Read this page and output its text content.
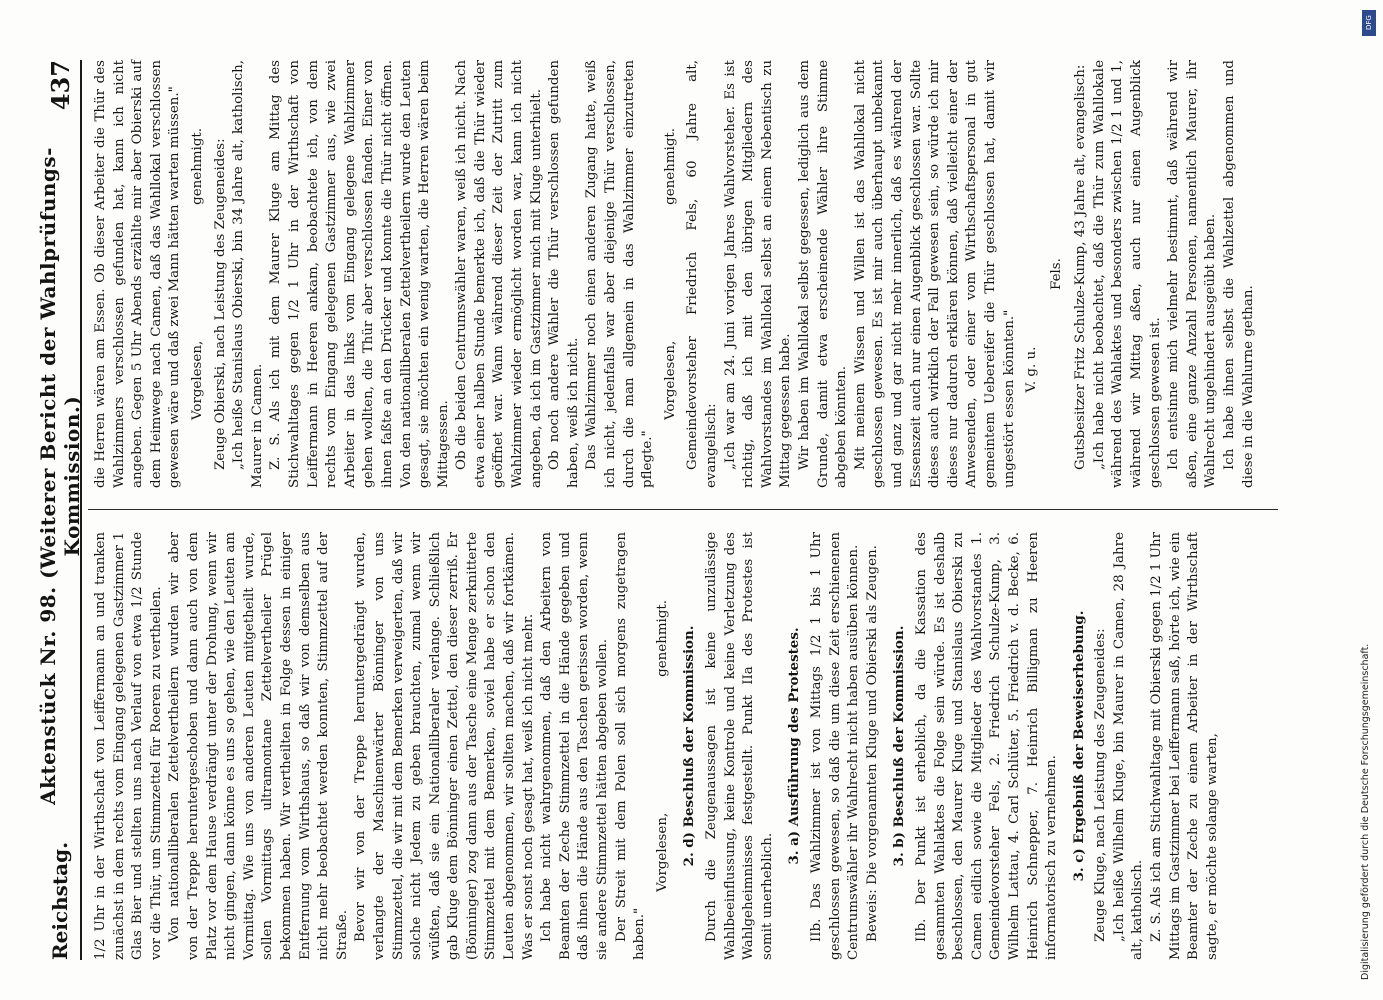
Reichstag.
Aktenstück Nr. 98. (Weiterer Bericht der Wahlprüfungs-Kommission.)
437

1/2 Uhr in der Wirthschaft von Leiffermann an und tranken zunächst in dem rechts vom Eingang gelegenen Gastzimmer 1 Glas Bier und stellten uns nach Verlauf von etwa 1/2 Stunde vor die Thür, um Stimmzettel für Roeren zu vertheilen. Von nationalliberalen Zettelvertheilern wurden wir aber von der Treppe heruntergeschoben und dann auch von dem Platz vor dem Hause verdrängt unter der Drohung, wenn wir nicht gingen, dann könne es uns so gehen, wie den Leuten am Vormittag. Wie uns von anderen Leuten mitgetheilt wurde, sollen Vormittags ultramontane Zettelvertheiler Prügel bekommen haben. Wir vertheilten in Folge dessen in einiger Entfernung vom Wirthshaus, so daß wir von demselben aus nicht mehr beobachtet werden konnten, Stimmzettel auf der Straße. Bevor wir von der Treppe heruntergedrängt wurden, verlangte der Maschinenwärter Bönninger von uns Stimmzettel, die wir mit dem Bemerken verweigerten, daß wir solche nicht Jedem zu geben brauchten, zumal wenn wir wüßten, daß sie ein Nationalliberaler verlange. Schließlich gab Kluge dem Bönninger einen Zettel, den dieser zerriß. Er (Bönninger) zog dann aus der Tasche eine Menge zerknitterte Stimmzettel mit dem Bemerken, soviel habe er schon den Leuten abgenommen, wir sollten machen, daß wir fortkämen. Was er sonst noch gesagt hat, weiß ich nicht mehr. Ich habe nicht wahrgenommen, daß den Arbeitern von Beamten der Zeche Stimmzettel in die Hände gegeben und daß ihnen die Hände aus den Taschen gerissen worden, wenn sie andere Stimmzettel hätten abgeben wollen. Der Streit mit dem Polen soll sich morgens zugetragen haben."

Vorgelesen,
genehmigt. 2. d) Beschluß der Kommission. Durch die Zeugenaussagen ist keine unzulässige Wahlbeeinflussung, keine Kontrole und keine Verletzung des Wahlgeheimnisses festgestellt. Punkt IIa des Protestes ist somit unerheblich.

3. a) Ausführung des Protestes. IIb. Das Wahlzimmer ist von Mittags 1/2 1 bis 1 Uhr geschlossen gewesen, so daß die um diese Zeit erschienenen Centrumswähler ihr Wahlrecht nicht haben ausüben können. Beweis: Die vorgenannten Kluge und Obierski als Zeugen. 3. b) Beschluß der Kommission. IIb. Der Punkt ist erheblich, da die Kassation des gesammten Wahlaktes die Folge sein würde. Es ist deshalb beschlossen, den Maurer Kluge und Stanislaus Obierski zu Camen eidlich sowie die Mitglieder des Wahlvorstandes 1. Gemeindevorsteher Fels, 2. Friedrich Schulze-Kump, 3. Wilhelm Lattau, 4. Carl Schlüter, 5. Friedrich v. d. Becke, 6. Heinrich Schnepper, 7. Heinrich Billigman zu Heeren informatorisch zu vernehmen. 3. c) Ergebniß der Beweiserhebung. Zeuge Kluge, nach Leistung des Zeugeneides: „Ich heiße Wilhelm Kluge, bin Maurer in Camen, 28 Jahre alt, katholisch. Z. S. Als ich am Stichwahltage mit Obierski gegen 1/2 1 Uhr Mittags im Gastzimmer bei Leiffermann saß, hörte ich, wie ein Beamter der Zeche zu einem Arbeiter in der Wirthschaft sagte, er möchte solange warten,

die Herren wären am Essen. Ob dieser Arbeiter die Thür des Wahlzimmers verschlossen gefunden hat, kann ich nicht angeben. Gegen 5 Uhr Abends erzählte mir aber Obierski auf dem Heimwege nach Camen, daß das Wahllokal verschlossen gewesen wäre und daß zwei Mann hätten warten müssen." Vorgelesen,
genehmigt. Zeuge Obierski, nach Leistung des Zeugeneides: „Ich heiße Stanislaus Obierski, bin 34 Jahre alt, katholisch, Maurer in Camen. Z. S. Als ich mit dem Maurer Kluge am Mittag des Stichwahltages gegen 1/2 1 Uhr in der Wirthschaft von Leiffermann in Heeren ankam, beobachtete ich, von dem rechts vom Eingang gelegenen Gastzimmer aus, wie zwei Arbeiter in das links vom Eingang gelegene Wahlzimmer gehen wollten, die Thür aber verschlossen fanden. Einer von ihnen faßte an den Drücker und konnte die Thür nicht öffnen. Von den nationalliberalen Zettelvertheilern wurde den Leuten gesagt, sie möchten ein wenig warten, die Herren wären beim Mittagessen. Ob die beiden Centrumswähler waren, weiß ich nicht. Nach etwa einer halben Stunde bemerkte ich, daß die Thür wieder geöffnet war. Wann während dieser Zeit der Zutritt zum Wahlzimmer wieder ermöglicht worden war, kann ich nicht angeben, da ich im Gastzimmer mich mit Kluge unterhielt. Ob noch andere Wähler die Thür verschlossen gefunden haben, weiß ich nicht. Das Wahlzimmer noch einen anderen Zugang hatte, weiß ich nicht, jedenfalls war aber diejenige Thür verschlossen, durch die man allgemein in das Wahlzimmer einzutreten pflegte."

Vorgelesen,
genehmigt. Gemeindevorsteher Friedrich Fels, 60 Jahre alt, evangelisch: „Ich war am 24. Juni vorigen Jahres Wahlvorsteher. Es ist richtig, daß ich mit den übrigen Mitgliedern des Wahlvorstandes im Wahllokal selbst an einem Nebentisch zu Mittag gegessen habe. Wir haben im Wahllokal selbst gegessen, lediglich aus dem Grunde, damit etwa erscheinende Wähler ihre Stimme abgeben könnten. Mit meinem Wissen und Willen ist das Wahllokal nicht geschlossen gewesen. Es ist mir auch überhaupt unbekannt und ganz und gar nicht mehr innerlich, daß es während der Essenszeit auch nur einen Augenblick geschlossen war. Sollte dieses auch wirklich der Fall gewesen sein, so würde ich mir dieses nur dadurch erklären können, daß vielleicht einer der Anwesenden, oder einer vom Wirthschaftspersonal in gut gemeintem Uebereifer die Thür geschlossen hat, damit wir ungestört essen könnten." V. g. u.

Fels. Gutsbesitzer Fritz Schulze-Kump, 43 Jahre alt, evangelisch: „Ich habe nicht beobachtet, daß die Thür zum Wahllokale während des Wahlaktes und besonders zwischen 1/2 1 und 1, während wir Mittag aßen, auch nur einen Augenblick geschlossen gewesen ist. Ich entsinne mich vielmehr bestimmt, daß während wir aßen, eine ganze Anzahl Personen, namentlich Maurer, ihr Wahlrecht ungehindert ausgeübt haben. Ich habe ihnen selbst die Wahlzettel abgenommen und diese in die Wahlurne gethan.

DFG
Digitalisierung gefördert durch die Deutsche Forschungsgemeinschaft.
